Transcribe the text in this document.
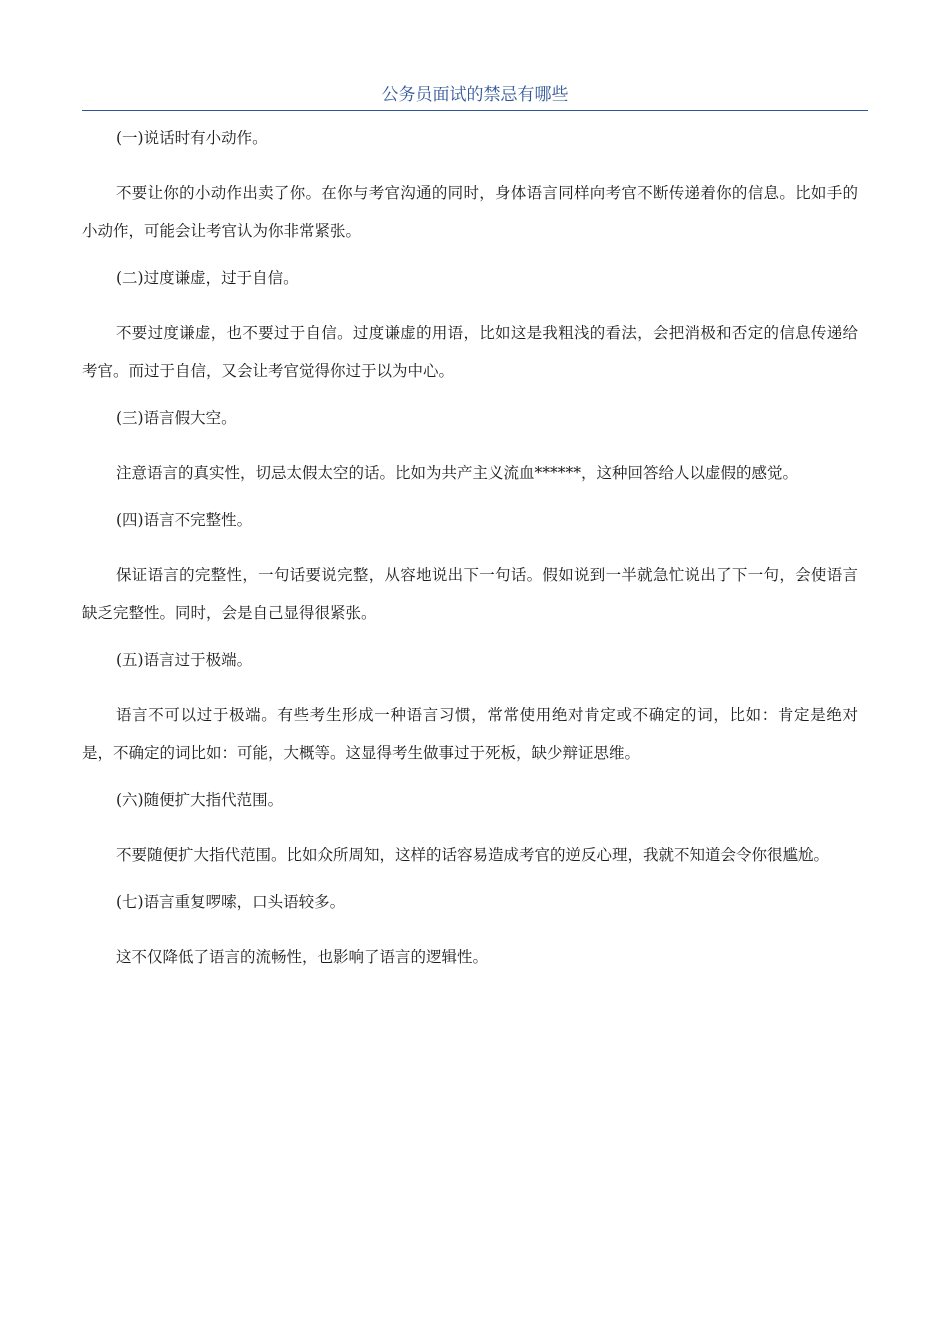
公务员面试的禁忌有哪些

(一)说话时有小动作。

不要让你的小动作出卖了你。在你与考官沟通的同时，身体语言同样向考官不断传递着你的信息。比如手的小动作，可能会让考官认为你非常紧张。

(二)过度谦虚，过于自信。

不要过度谦虚，也不要过于自信。过度谦虚的用语，比如这是我粗浅的看法，会把消极和否定的信息传递给考官。而过于自信，又会让考官觉得你过于以为中心。

(三)语言假大空。

注意语言的真实性，切忌太假太空的话。比如为共产主义流血******，这种回答给人以虚假的感觉。

(四)语言不完整性。

保证语言的完整性，一句话要说完整，从容地说出下一句话。假如说到一半就急忙说出了下一句，会使语言缺乏完整性。同时，会是自己显得很紧张。

(五)语言过于极端。

语言不可以过于极端。有些考生形成一种语言习惯，常常使用绝对肯定或不确定的词，比如：肯定是绝对是，不确定的词比如：可能，大概等。这显得考生做事过于死板，缺少辩证思维。

(六)随便扩大指代范围。

不要随便扩大指代范围。比如众所周知，这样的话容易造成考官的逆反心理，我就不知道会令你很尴尬。

(七)语言重复啰嗦，口头语较多。

这不仅降低了语言的流畅性，也影响了语言的逻辑性。
